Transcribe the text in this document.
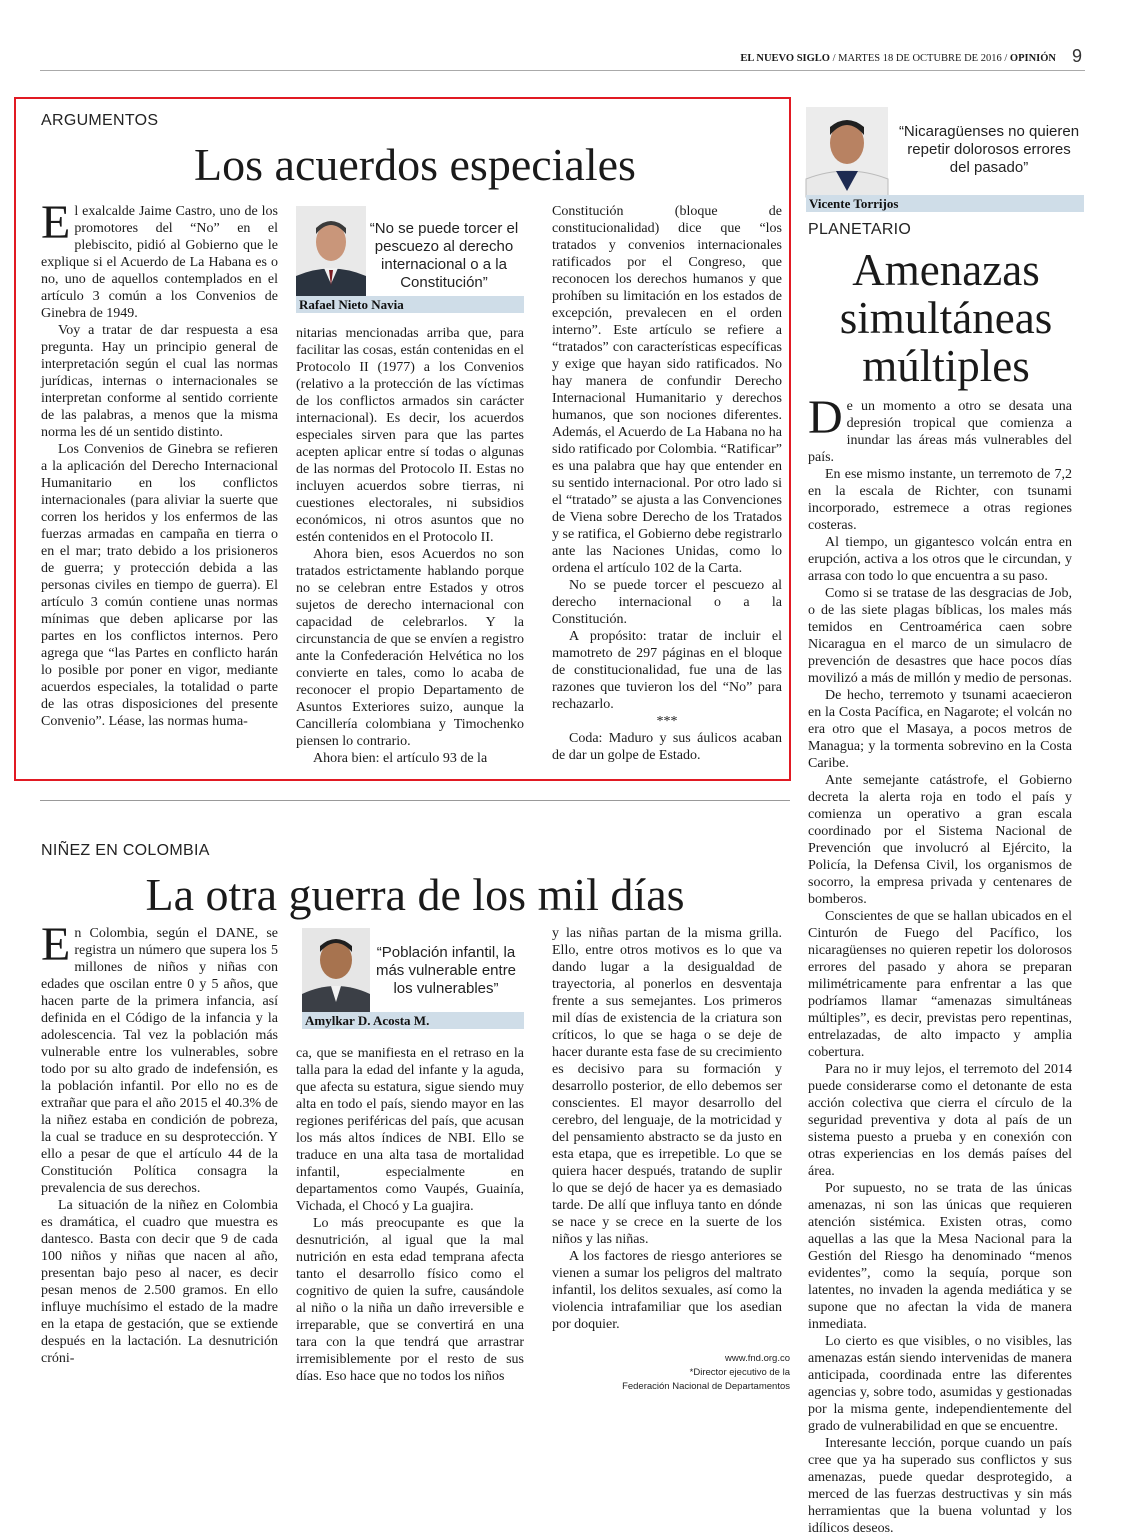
EL NUEVO SIGLO / MARTES 18 DE OCTUBRE DE 2016 / OPINIÓN 9
ARGUMENTOS
Los acuerdos especiales

El exalcalde Jaime Castro, uno de los promotores del “No” en el plebiscito, pidió al Gobierno que le explique si el Acuerdo de La Habana es o no, uno de aquellos contemplados en el artículo 3 común a los Convenios de Ginebra de 1949.

Voy a tratar de dar respuesta a esa pregunta. Hay un principio general de interpretación según el cual las normas jurídicas, internas o internacionales se interpretan conforme al sentido corriente de las palabras, a menos que la misma norma les dé un sentido distinto.

Los Convenios de Ginebra se refieren a la aplicación del Derecho Internacional Humanitario en los conflictos internacionales (para aliviar la suerte que corren los heridos y los enfermos de las fuerzas armadas en campaña en tierra o en el mar; trato debido a los prisioneros de guerra; y protección debida a las personas civiles en tiempo de guerra). El artículo 3 común contiene unas normas mínimas que deben aplicarse por las partes en los conflictos internos. Pero agrega que “las Partes en conflicto harán lo posible por poner en vigor, mediante acuerdos especiales, la totalidad o parte de las otras disposiciones del presente Convenio”. Léase, las normas huma-

“No se puede torcer el pescuezo al derecho internacional o a la Constitución”
Rafael Nieto Navia

nitarias mencionadas arriba que, para facilitar las cosas, están contenidas en el Protocolo II (1977) a los Convenios (relativo a la protección de las víctimas de los conflictos armados sin carácter internacional). Es decir, los acuerdos especiales sirven para que las partes acepten aplicar entre sí todas o algunas de las normas del Protocolo II. Estas no incluyen acuerdos sobre tierras, ni cuestiones electorales, ni subsidios económicos, ni otros asuntos que no estén contenidos en el Protocolo II.

Ahora bien, esos Acuerdos no son tratados estrictamente hablando porque no se celebran entre Estados y otros sujetos de derecho internacional con capacidad de celebrarlos. Y la circunstancia de que se envíen a registro ante la Confederación Helvética no los convierte en tales, como lo acaba de reconocer el propio Departamento de Asuntos Exteriores suizo, aunque la Cancillería colombiana y Timochenko piensen lo contrario.

Ahora bien: el artículo 93 de la

Constitución (bloque de constitucionalidad) dice que “los tratados y convenios internacionales ratificados por el Congreso, que reconocen los derechos humanos y que prohíben su limitación en los estados de excepción, prevalecen en el orden interno”. Este artículo se refiere a “tratados” con características específicas y exige que hayan sido ratificados. No hay manera de confundir Derecho Internacional Humanitario y derechos humanos, que son nociones diferentes. Además, el Acuerdo de La Habana no ha sido ratificado por Colombia. “Ratificar” es una palabra que hay que entender en su sentido internacional. Por otro lado si el “tratado” se ajusta a las Convenciones de Viena sobre Derecho de los Tratados y se ratifica, el Gobierno debe registrarlo ante las Naciones Unidas, como lo ordena el artículo 102 de la Carta.

No se puede torcer el pescuezo al derecho internacional o a la Constitución.

A propósito: tratar de incluir el mamotreto de 297 páginas en el bloque de constitucionalidad, fue una de las razones que tuvieron los del “No” para rechazarlo.

***

Coda: Maduro y sus áulicos acaban de dar un golpe de Estado.

NIÑEZ EN COLOMBIA
La otra guerra de los mil días

En Colombia, según el DANE, se registra un número que supera los 5 millones de niños y niñas con edades que oscilan entre 0 y 5 años, que hacen parte de la primera infancia, así definida en el Código de la infancia y la adolescencia. Tal vez la población más vulnerable entre los vulnerables, sobre todo por su alto grado de indefensión, es la población infantil. Por ello no es de extrañar que para el año 2015 el 40.3% de la niñez estaba en condición de pobreza, la cual se traduce en su desprotección. Y ello a pesar de que el artículo 44 de la Constitución Política consagra la prevalencia de sus derechos.

La situación de la niñez en Colombia es dramática, el cuadro que muestra es dantesco. Basta con decir que 9 de cada 100 niños y niñas que nacen al año, presentan bajo peso al nacer, es decir pesan menos de 2.500 gramos. En ello influye muchísimo el estado de la madre en la etapa de gestación, que se extiende después en la lactación. La desnutrición cróni-

“Población infantil, la más vulnerable entre los vulnerables”
Amylkar D. Acosta M.

ca, que se manifiesta en el retraso en la talla para la edad del infante y la aguda, que afecta su estatura, sigue siendo muy alta en todo el país, siendo mayor en las regiones periféricas del país, que acusan los más altos índices de NBI. Ello se traduce en una alta tasa de mortalidad infantil, especialmente en departamentos como Vaupés, Guainía, Vichada, el Chocó y La guajira.

Lo más preocupante es que la desnutrición, al igual que la mal nutrición en esta edad temprana afecta tanto el desarrollo físico como el cognitivo de quien la sufre, causándole al niño o la niña un daño irreversible e irreparable, que se convertirá en una tara con la que tendrá que arrastrar irremisiblemente por el resto de sus días. Eso hace que no todos los niños

y las niñas partan de la misma grilla. Ello, entre otros motivos es lo que va dando lugar a la desigualdad de trayectoria, al ponerlos en desventaja frente a sus semejantes. Los primeros mil días de existencia de la criatura son críticos, lo que se haga o se deje de hacer durante esta fase de su crecimiento es decisivo para su formación y desarrollo posterior, de ello debemos ser conscientes. El mayor desarrollo del cerebro, del lenguaje, de la motricidad y del pensamiento abstracto se da justo en esta etapa, que es irrepetible. Lo que se quiera hacer después, tratando de suplir lo que se dejó de hacer ya es demasiado tarde. De allí que influya tanto en dónde se nace y se crece en la suerte de los niños y las niñas.

A los factores de riesgo anteriores se vienen a sumar los peligros del maltrato infantil, los delitos sexuales, así como la violencia intrafamiliar que los asedian por doquier.

www.fnd.org.co
*Director ejecutivo de la
Federación Nacional de Departamentos
“Nicaragüenses no quieren repetir dolorosos errores del pasado”
Vicente Torrijos
PLANETARIO
Amenazas
simultáneas
múltiples

De un momento a otro se desata una depresión tropical que comienza a inundar las áreas más vulnerables del país.

En ese mismo instante, un terremoto de 7,2 en la escala de Richter, con tsunami incorporado, estremece a otras regiones costeras.

Al tiempo, un gigantesco volcán entra en erupción, activa a los otros que le circundan, y arrasa con todo lo que encuentra a su paso.

Como si se tratase de las desgracias de Job, o de las siete plagas bíblicas, los males más temidos en Centroamérica caen sobre Nicaragua en el marco de un simulacro de prevención de desastres que hace pocos días movilizó a más de millón y medio de personas.

De hecho, terremoto y tsunami acaecieron en la Costa Pacífica, en Nagarote; el volcán no era otro que el Masaya, a pocos metros de Managua; y la tormenta sobrevino en la Costa Caribe.

Ante semejante catástrofe, el Gobierno decreta la alerta roja en todo el país y comienza un operativo a gran escala coordinado por el Sistema Nacional de Prevención que involucró al Ejército, la Policía, la Defensa Civil, los organismos de socorro, la empresa privada y centenares de bomberos.

Conscientes de que se hallan ubicados en el Cinturón de Fuego del Pacífico, los nicaragüenses no quieren repetir los dolorosos errores del pasado y ahora se preparan milimétricamente para enfrentar a las que podríamos llamar “amenazas simultáneas múltiples”, es decir, previstas pero repentinas, entrelazadas, de alto impacto y amplia cobertura.

Para no ir muy lejos, el terremoto del 2014 puede considerarse como el detonante de esta acción colectiva que cierra el círculo de la seguridad preventiva y dota al país de un sistema puesto a prueba y en conexión con otras experiencias en los demás países del área.

Por supuesto, no se trata de las únicas amenazas, ni son las únicas que requieren atención sistémica. Existen otras, como aquellas a las que la Mesa Nacional para la Gestión del Riesgo ha denominado “menos evidentes”, como la sequía, porque son latentes, no invaden la agenda mediática y se supone que no afectan la vida de manera inmediata.

Lo cierto es que visibles, o no visibles, las amenazas están siendo intervenidas de manera anticipada, coordinada entre las diferentes agencias y, sobre todo, asumidas y gestionadas por la misma gente, independientemente del grado de vulnerabilidad en que se encuentre.

Interesante lección, porque cuando un país cree que ya ha superado sus conflictos y sus amenazas, puede quedar desprotegido, a merced de las fuerzas destructivas y sin más herramientas que la buena voluntad y los idílicos deseos.
